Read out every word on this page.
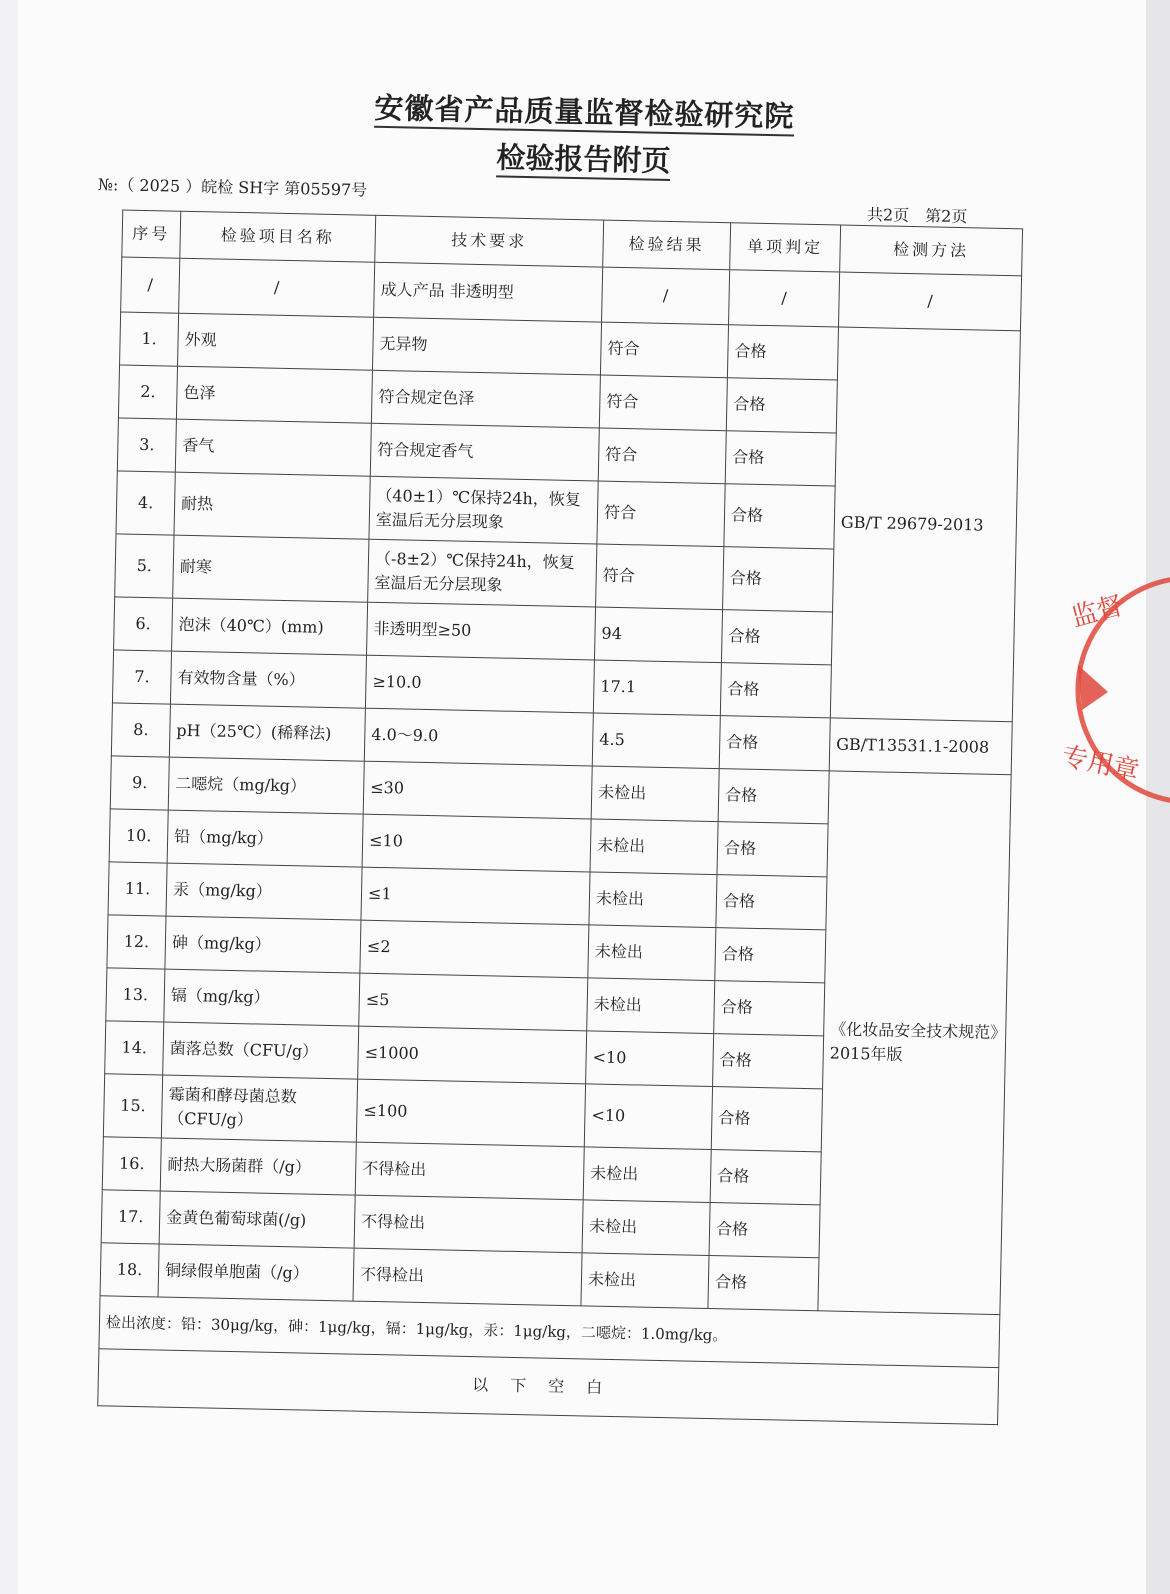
安徽省产品质量监督检验研究院
检验报告附页
№:（ 2025 ）皖检 SH字 第05597号
共2页　第2页
序号	检验项目名称	技术要求	检验结果	单项判定	检测方法
/	/	成人产品 非透明型	/	/	/
1.	外观	无异物	符合	合格	GB/T 29679-2013
2.	色泽	符合规定色泽	符合	合格	
3.	香气	符合规定香气	符合	合格	
4.	耐热	（40±1）℃保持24h，恢复室温后无分层现象	符合	合格	
5.	耐寒	（-8±2）℃保持24h，恢复室温后无分层现象	符合	合格	
6.	泡沫（40℃）(mm)	非透明型≥50	94	合格	
7.	有效物含量（%）	≥10.0	17.1	合格	
8.	pH（25℃）(稀释法)	4.0～9.0	4.5	合格	GB/T13531.1-2008
9.	二噁烷（mg/kg）	≤30	未检出	合格	《化妆品安全技术规范》2015年版
10.	铅（mg/kg）	≤10	未检出	合格	
11.	汞（mg/kg）	≤1	未检出	合格	
12.	砷（mg/kg）	≤2	未检出	合格	
13.	镉（mg/kg）	≤5	未检出	合格	
14.	菌落总数（CFU/g）	≤1000	<10	合格	
15.	霉菌和酵母菌总数（CFU/g）	≤100	<10	合格	
16.	耐热大肠菌群（/g）	不得检出	未检出	合格	
17.	金黄色葡萄球菌(/g)	不得检出	未检出	合格	
18.	铜绿假单胞菌（/g）	不得检出	未检出	合格	
检出浓度：铅：30μg/kg，砷：1μg/kg，镉：1μg/kg，汞：1μg/kg，二噁烷：1.0mg/kg。					
以下空白					
监督
专用章
